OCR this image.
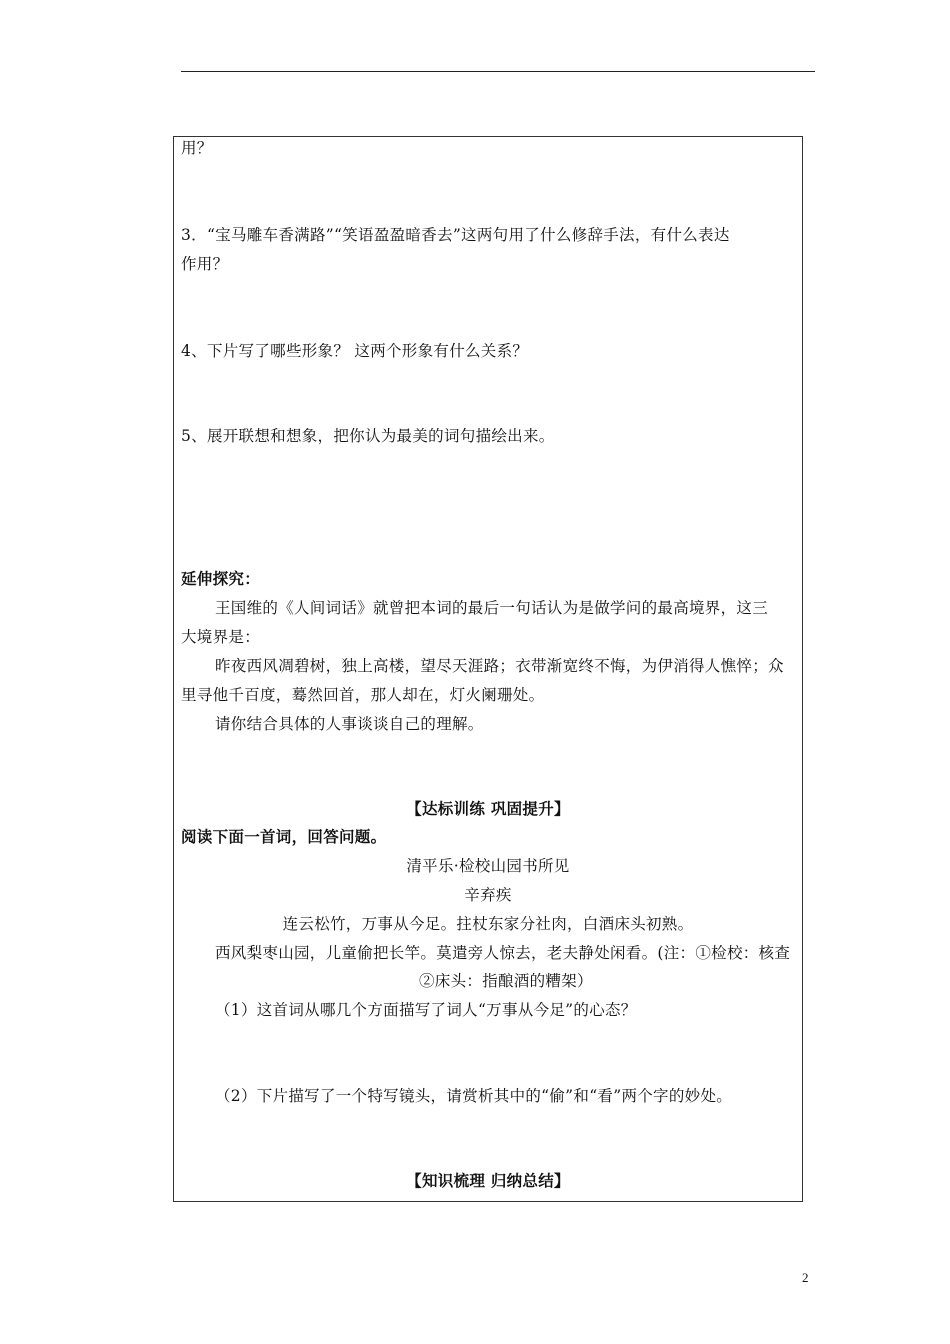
用？
3．“宝马雕车香满路”“笑语盈盈暗香去”这两句用了什么修辞手法，有什么表达
作用？
4、下片写了哪些形象？ 这两个形象有什么关系？
5、展开联想和想象，把你认为最美的词句描绘出来。
延伸探究：
王国维的《人间词话》就曾把本词的最后一句话认为是做学问的最高境界，这三
大境界是：
昨夜西风凋碧树，独上高楼，望尽天涯路；衣带渐宽终不悔，为伊消得人憔悴；众
里寻他千百度，蓦然回首，那人却在，灯火阑珊处。
请你结合具体的人事谈谈自己的理解。
【达标训练 巩固提升】
阅读下面一首词，回答问题。
清平乐·检校山园书所见
辛弃疾
连云松竹，万事从今足。拄杖东家分社肉，白酒床头初熟。
西风梨枣山园，儿童偷把长竿。莫遣旁人惊去，老夫静处闲看。(注：①检校：核查
②床头：指酿酒的糟架）
（1）这首词从哪几个方面描写了词人“万事从今足”的心态？
（2）下片描写了一个特写镜头，请赏析其中的“偷”和“看”两个字的妙处。
【知识梳理 归纳总结】
2
